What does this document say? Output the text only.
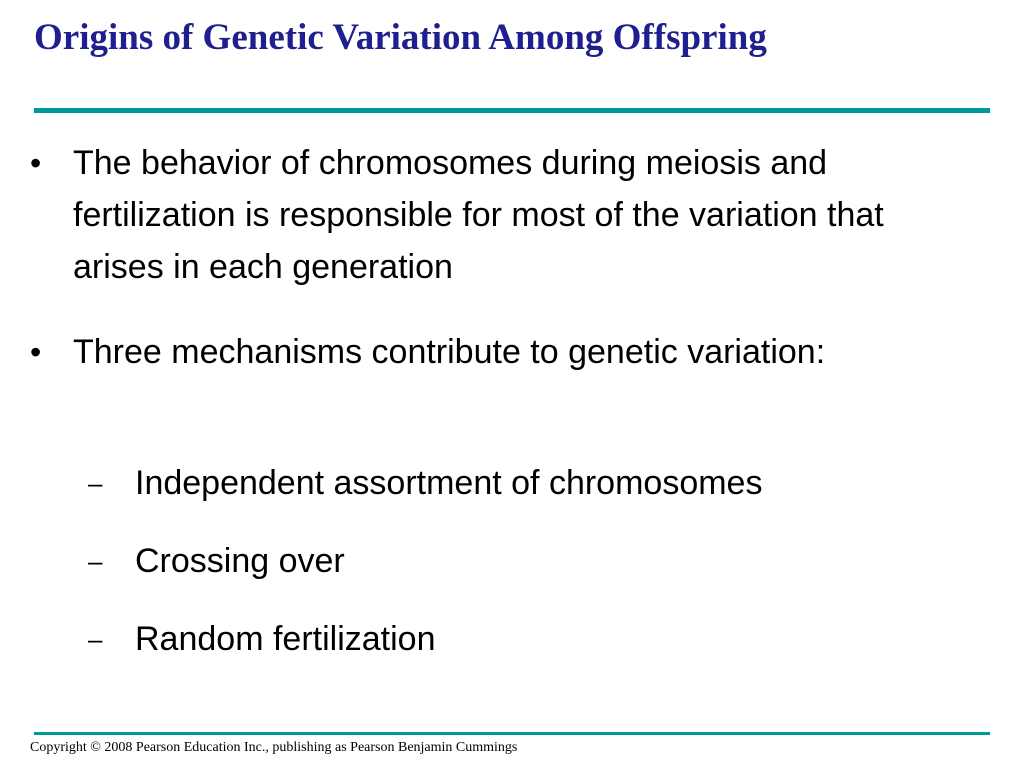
Origins of Genetic Variation Among Offspring
• The behavior of chromosomes during meiosis and fertilization is responsible for most of the variation that arises in each generation
• Three mechanisms contribute to genetic variation:
– Independent assortment of chromosomes
– Crossing over
– Random fertilization
Copyright © 2008 Pearson Education Inc., publishing as Pearson Benjamin Cummings
